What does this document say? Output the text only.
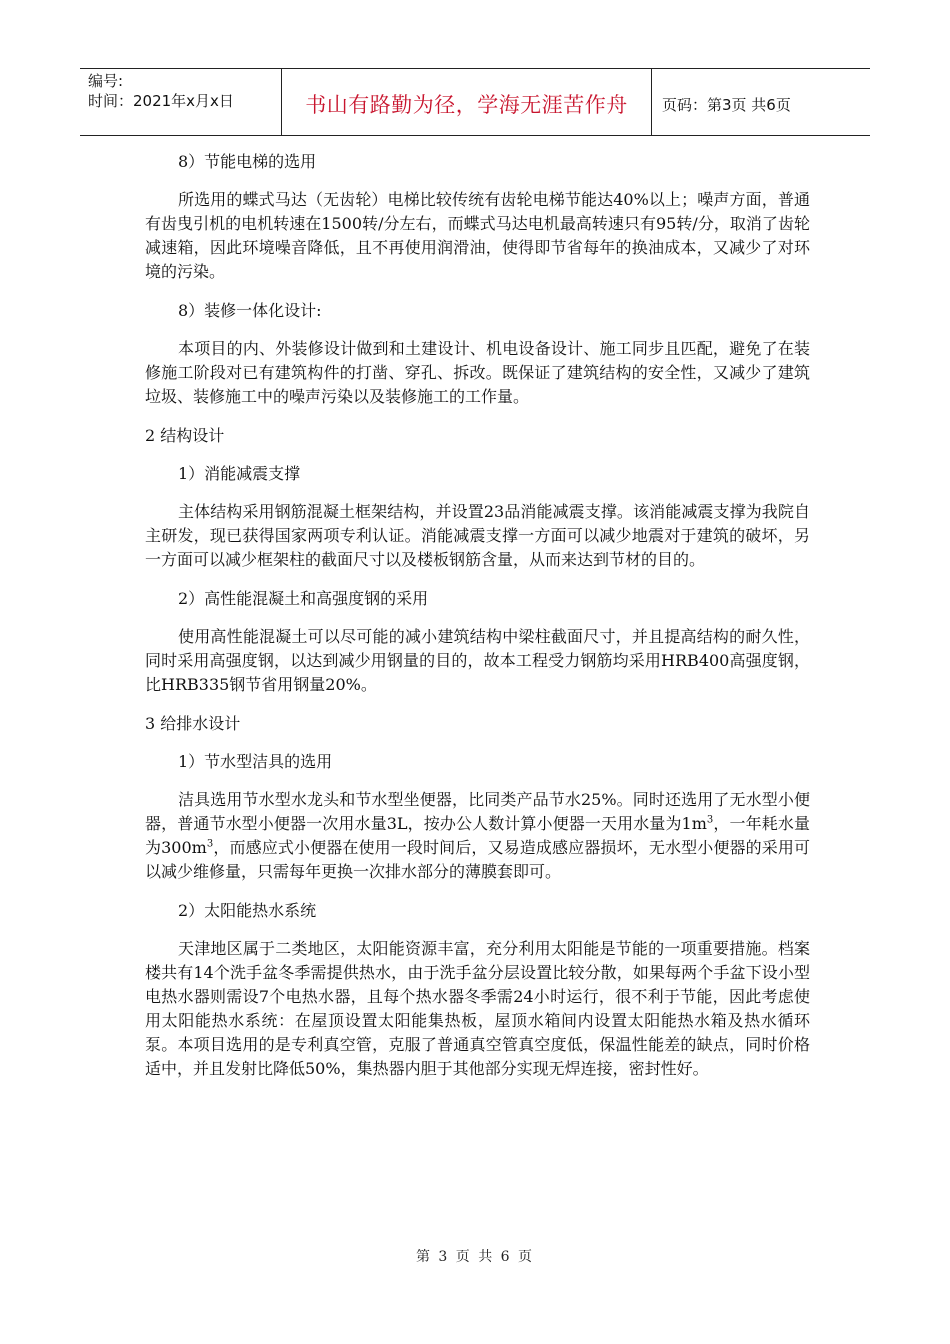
编号:
时间：2021年x月x日	书山有路勤为径，学海无涯苦作舟	页码：第3页 共6页

8）节能电梯的选用

所选用的蝶式马达（无齿轮）电梯比较传统有齿轮电梯节能达40%以上；噪声方面，普通有齿曳引机的电机转速在1500转/分左右，而蝶式马达电机最高转速只有95转/分，取消了齿轮减速箱，因此环境噪音降低，且不再使用润滑油，使得即节省每年的换油成本，又减少了对环境的污染。

8）装修一体化设计:

本项目的内、外装修设计做到和土建设计、机电设备设计、施工同步且匹配，避免了在装修施工阶段对已有建筑构件的打凿、穿孔、拆改。既保证了建筑结构的安全性，又减少了建筑垃圾、装修施工中的噪声污染以及装修施工的工作量。

2 结构设计

1）消能减震支撑

主体结构采用钢筋混凝土框架结构，并设置23品消能减震支撑。该消能减震支撑为我院自主研发，现已获得国家两项专利认证。消能减震支撑一方面可以减少地震对于建筑的破坏，另一方面可以减少框架柱的截面尺寸以及楼板钢筋含量，从而来达到节材的目的。

2）高性能混凝土和高强度钢的采用

使用高性能混凝土可以尽可能的减小建筑结构中梁柱截面尺寸，并且提高结构的耐久性，同时采用高强度钢，以达到减少用钢量的目的，故本工程受力钢筋均采用HRB400高强度钢，比HRB335钢节省用钢量20%。

3 给排水设计

1）节水型洁具的选用

洁具选用节水型水龙头和节水型坐便器，比同类产品节水25%。同时还选用了无水型小便器，普通节水型小便器一次用水量3L，按办公人数计算小便器一天用水量为$1m^3$，一年耗水量为$300m^3$，而感应式小便器在使用一段时间后，又易造成感应器损坏，无水型小便器的采用可以减少维修量，只需每年更换一次排水部分的薄膜套即可。

2）太阳能热水系统

天津地区属于二类地区，太阳能资源丰富，充分利用太阳能是节能的一项重要措施。档案楼共有14个洗手盆冬季需提供热水，由于洗手盆分层设置比较分散，如果每两个手盆下设小型电热水器则需设7个电热水器，且每个热水器冬季需24小时运行，很不利于节能，因此考虑使用太阳能热水系统：在屋顶设置太阳能集热板，屋顶水箱间内设置太阳能热水箱及热水循环泵。本项目选用的是专利真空管，克服了普通真空管真空度低，保温性能差的缺点，同时价格适中，并且发射比降低50%，集热器内胆于其他部分实现无焊连接，密封性好。

第 3 页 共 6 页
